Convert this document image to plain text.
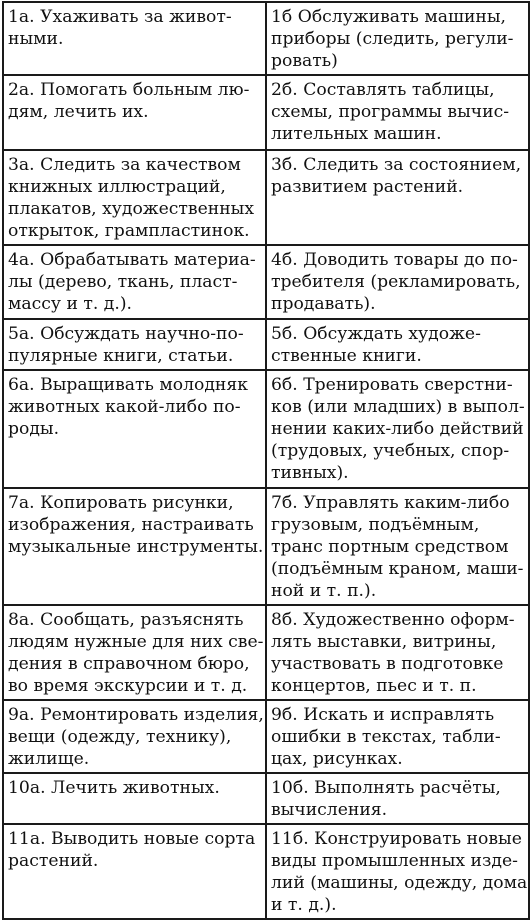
1а. Ухаживать за живот-
ными.	1б Обслуживать машины,
приборы (следить, регули-
ровать)

2а. Помогать больным лю-
дям, лечить их.	2б. Составлять таблицы,
схемы, программы вычис-
лительных машин.

3а. Следить за качеством
книжных иллюстраций,
плакатов, художественных
открыток, грампластинок.	3б. Следить за состоянием,
развитием растений.

4а. Обрабатывать материа-
лы (дерево, ткань, пласт-
массу и т. д.).	4б. Доводить товары до по-
требителя (рекламировать,
продавать).

5а. Обсуждать научно-по-
пулярные книги, статьи.	5б. Обсуждать художе-
ственные книги.

6а. Выращивать молодняк
животных какой-либо по-
роды.	6б. Тренировать сверстни-
ков (или младших) в выпол-
нении каких-либо действий
(трудовых, учебных, спор-
тивных).

7а. Копировать рисунки,
изображения, настраивать
музыкальные инструменты.	7б. Управлять каким-либо
грузовым, подъёмным,
транс портным средством
(подъёмным краном, маши-
ной и т. п.).

8а. Сообщать, разъяснять
людям нужные для них све-
дения в справочном бюро,
во время экскурсии и т. д.	8б. Художественно оформ-
лять выставки, витрины,
участвовать в подготовке
концертов, пьес и т. п.

9а. Ремонтировать изделия,
вещи (одежду, технику),
жилище.	9б. Искать и исправлять
ошибки в текстах, табли-
цах, рисунках.

10а. Лечить животных.	10б. Выполнять расчёты,
вычисления.

11а. Выводить новые сорта
растений.	11б. Конструировать новые
виды промышленных изде-
лий (машины, одежду, дома
и т. д.).
